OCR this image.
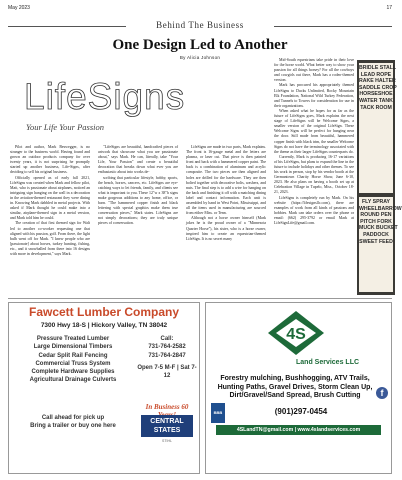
May 2023	17
Behind The Business
One Design Led to Another
By Alicia Johnson
LifeSigns
Your Life Your Passion

Pilot and author, Mark Beswegger, is no stranger to the business world. Having found and grown an outdoor products company for over twenty years, it is not surprising he promptly started up another business, Life-Signs, after deciding to sell his original business.

Officially opened as of early fall 2021, LifeSigns was created when Mark and fellow pilot, Matt, who is passionate about airplanes, noticed an intriguing sign hanging on the wall in a decoration in the aviation-themed restaurant they were dining in. Knowing Mark dabbled in metal projects. With asked if Mark thought he could make into a similar, airplane-themed sign in a metal version, and Mark told him he could.

The creation of that first themed sign for Walt led to another co-worker requesting one that aligned with his passion, golf. From there, the light bulb went off for Mark. "I knew people who are [passionate] about horses, turkey hunting, fishing, etc., and it snowballed from there into 16 designs with more in development," says Mark.

"LifeSigns are beautiful, handcrafted pieces of artwork that showcase what you are passionate about," says Mark. He can, literally, take "Your Life, Your Passion" and create a beautiful decoration that breaks down what ever you are enthusiastic about into works de-

scribing that particular lifestyle, hobby, sports, the beach, horses, cancers, etc. LifeSigns are eye-catching ways to let friends, family, and clients see what is important to you. These 12"w x 38"h signs make gorgeous additions to any home, office, or barn. "The hammered copper finish and black lettering with special graphics make them true conversation pieces," Mark states. LifeSigns are not simply decorations; they are truly unique pieces of conversation.

LifeSigns are made in two parts, Mark explains. The front is 16-gauge metal and the letters are plasma, or laser cut. That piece is then painted front and back with a hammered copper paint. The back is a combination of aluminum and acrylic composite. The two pieces are then aligned and holes are drilled for the hardware. They are then bolted together with decorative bolts, washers, and nuts. The final step is to add a wire for hanging on the back and finishing it off with a matching dining label and contact information. Each unit is assembled by hand in West Point, Mississippi, and all the items used in manufacturing are sourced from either Miss. or Tenn.

Although not a horse owner himself (Mark jokes he is the proud owner of a "Minnesota Quarter Horse"), his sister, who is a horse owner, inspired him to create an equestrian-themed LifeSign. It is no secret many

Mid-South equestrians take pride in their love for the horse world. What better way to show your passion for all things horsey? For all the cowboys and cowgirls out there, Mark has a rodeo-themed version.

Mark has procured his appropriately themed LifeSigns to Ducks Unlimited, Rocky Mountain Elk Foundation, National Wild Turkey Federation, and Tunnels to Towers for consideration for use in their organizations.

When asked what he hopes for as far as the future of LifeSigns goes, Mark explains the next stage of LifeSigns will be Welcome Signs, a smaller version of the original LifeSign. These Welcome Signs will be perfect for hanging near the door. Still made from beautiful, hammered copper finish with black trim, the smaller Welcome Signs do not have the terminology associated with the theme as their larger LifeSigns counterparts do.

Currently, Mark is producing 16-17 variations of his LifeSigns, but plans to expand the line in the future to include holidays and other themes. To see his work in person, stop by his vendor booth at the Germantown Charity Horse Show, June 6-10, 2023. He also plans on having a booth set up at Celebration Village in Tupelo, Miss., October 18-21, 2023.

LifeSigns is completely run by Mark. On his website (https://lifesignsllc.com), there are examples of work from all kinds of passions and hobbies. Mark can take orders over the phone or email: (662) 295-3792 or email Mark at LifeSignLife@gmail.com.

BRIDLE STALL
LEAD ROPE
RAKE HALTER
SADDLE CROP
HORSESHOE
WATER TANK
TACK ROOM
FLY SPRAY
WHEELBARROW
ROUND PEN
PITCH FORK
MUCK BUCKET
PADDOCK
SWEET FEED
Fawcett Lumber Company
7300 Hwy 18-S | Hickory Valley, TN 38042
Pressure Treated Lumber
Large Dimensional Timbers
Cedar Split Rail Fencing
Commercial Truss System
Complete Hardware Supplies
Agricultural Drainage Culverts
Call:
731-764-2582
731-764-2847
Open 7-5 M-F | Sat 7-12
In Business 60
Call ahead for pick up
Bring a trailer or buy one here
CENTRAL
STATES
STIHL
4S
Land Services LLC
Forestry mulching, Bushhogging, ATV Trails,
Hunting Paths, Gravel Drives, Storm Clean Up,
Dirt/Gravel/Sand Spread, Brush Cutting	f
BBB	(901)297-0454
4SLandTN@gmail.com | www.4slandservices.com
